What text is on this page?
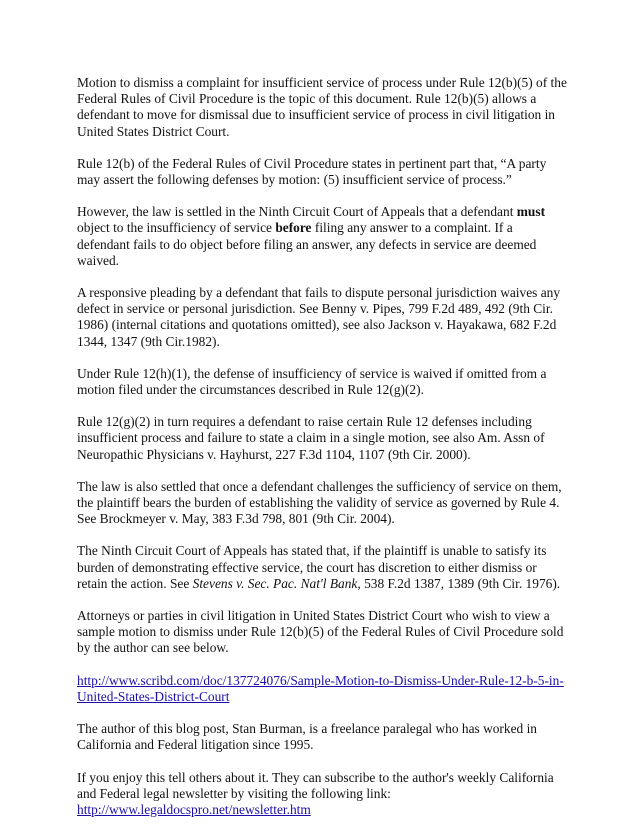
Motion to dismiss a complaint for insufficient service of process under Rule 12(b)(5) of the Federal Rules of Civil Procedure is the topic of this document. Rule 12(b)(5) allows a defendant to move for dismissal due to insufficient service of process in civil litigation in United States District Court.

Rule 12(b) of the Federal Rules of Civil Procedure states in pertinent part that, “A party may assert the following defenses by motion: (5) insufficient service of process.”

However, the law is settled in the Ninth Circuit Court of Appeals that a defendant must object to the insufficiency of service before filing any answer to a complaint. If a defendant fails to do object before filing an answer, any defects in service are deemed waived.

A responsive pleading by a defendant that fails to dispute personal jurisdiction waives any defect in service or personal jurisdiction. See Benny v. Pipes, 799 F.2d 489, 492 (9th Cir. 1986) (internal citations and quotations omitted), see also Jackson v. Hayakawa, 682 F.2d 1344, 1347 (9th Cir.1982).

Under Rule 12(h)(1), the defense of insufficiency of service is waived if omitted from a motion filed under the circumstances described in Rule 12(g)(2).

Rule 12(g)(2) in turn requires a defendant to raise certain Rule 12 defenses including insufficient process and failure to state a claim in a single motion, see also Am. Assn of Neuropathic Physicians v. Hayhurst, 227 F.3d 1104, 1107 (9th Cir. 2000).

The law is also settled that once a defendant challenges the sufficiency of service on them, the plaintiff bears the burden of establishing the validity of service as governed by Rule 4. See Brockmeyer v. May, 383 F.3d 798, 801 (9th Cir. 2004).

The Ninth Circuit Court of Appeals has stated that, if the plaintiff is unable to satisfy its burden of demonstrating effective service, the court has discretion to either dismiss or retain the action. See Stevens v. Sec. Pac. Nat'l Bank, 538 F.2d 1387, 1389 (9th Cir. 1976).

Attorneys or parties in civil litigation in United States District Court who wish to view a sample motion to dismiss under Rule 12(b)(5) of the Federal Rules of Civil Procedure sold by the author can see below.

http://www.scribd.com/doc/137724076/Sample-Motion-to-Dismiss-Under-Rule-12-b-5-in-United-States-District-Court

The author of this blog post, Stan Burman, is a freelance paralegal who has worked in California and Federal litigation since 1995.

If you enjoy this tell others about it. They can subscribe to the author's weekly California and Federal legal newsletter by visiting the following link:
http://www.legaldocspro.net/newsletter.htm
